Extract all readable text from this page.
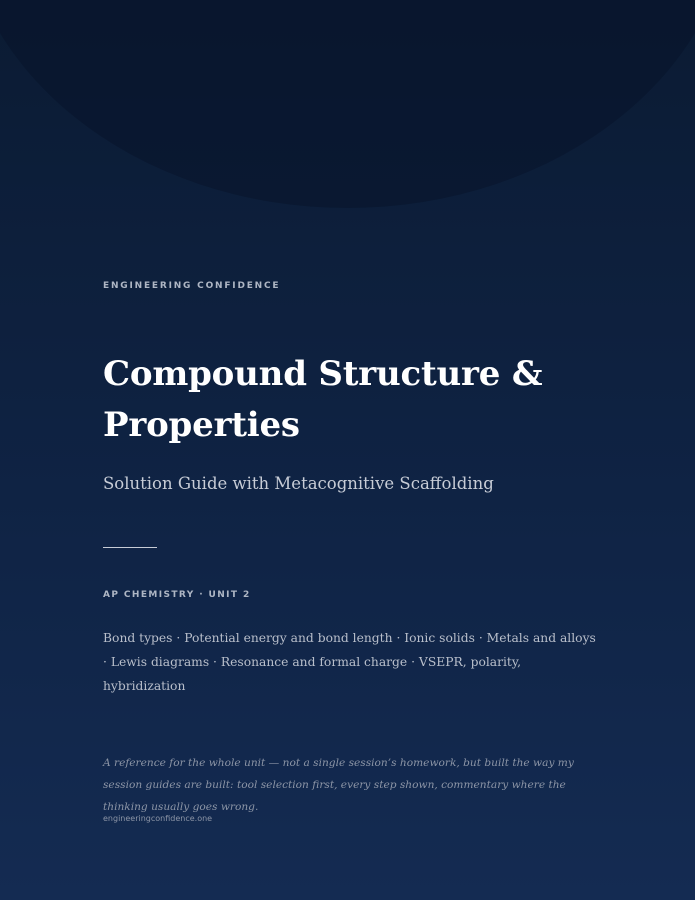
ENGINEERING CONFIDENCE
Compound Structure & Properties
Solution Guide with Metacognitive Scaffolding
AP CHEMISTRY · UNIT 2
Bond types · Potential energy and bond length · Ionic solids · Metals and alloys · Lewis diagrams · Resonance and formal charge · VSEPR, polarity, hybridization
A reference for the whole unit — not a single session’s homework, but built the way my session guides are built: tool selection first, every step shown, commentary where the thinking usually goes wrong.
engineeringconfidence.one
